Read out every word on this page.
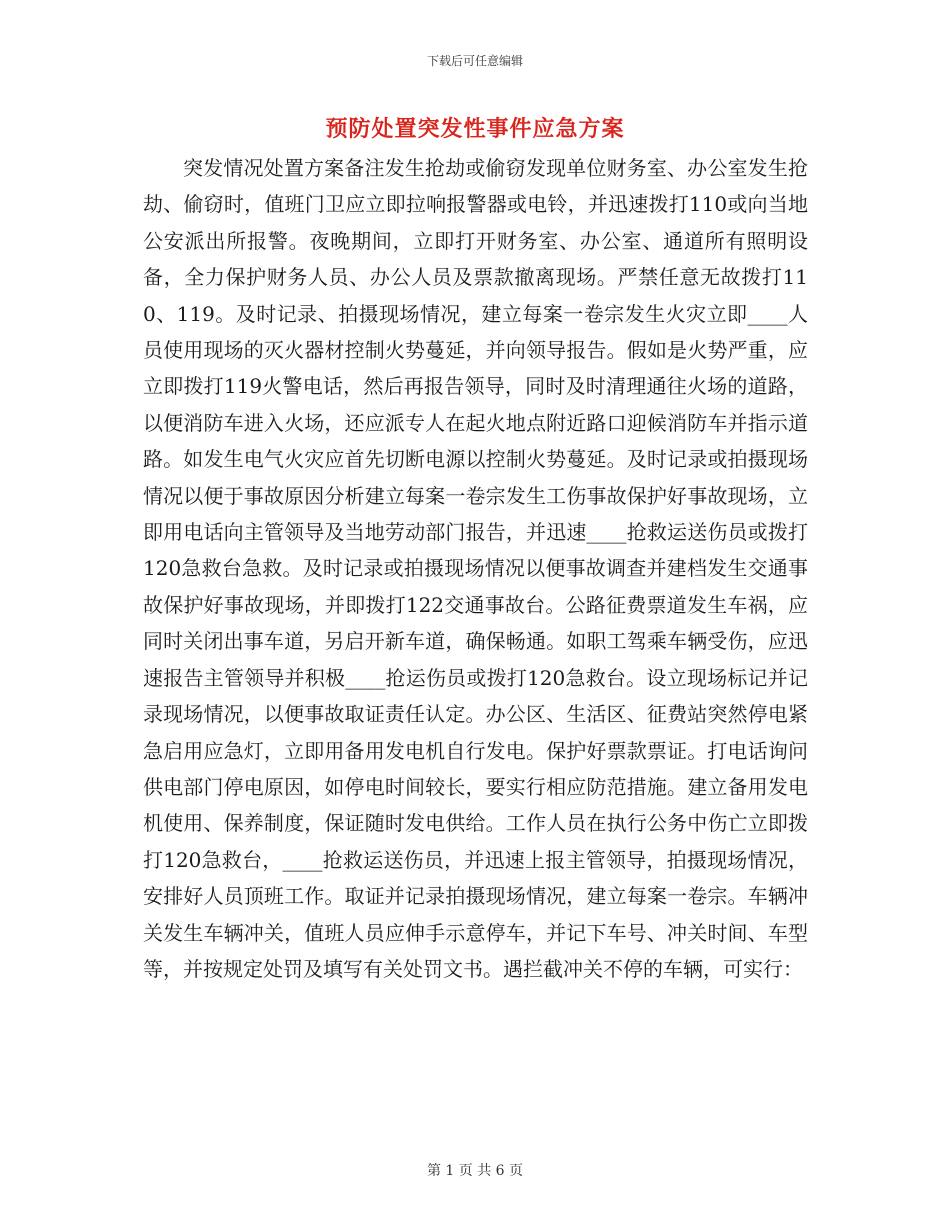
下载后可任意编辑
预防处置突发性事件应急方案

突发情况处置方案备注发生抢劫或偷窃发现单位财务室、办公室发生抢劫、偷窃时，值班门卫应立即拉响报警器或电铃，并迅速拨打110或向当地公安派出所报警。夜晚期间，立即打开财务室、办公室、通道所有照明设备，全力保护财务人员、办公人员及票款撤离现场。严禁任意无故拨打110、119。及时记录、拍摄现场情况，建立每案一卷宗发生火灾立即____人员使用现场的灭火器材控制火势蔓延，并向领导报告。假如是火势严重，应立即拨打119火警电话，然后再报告领导，同时及时清理通往火场的道路，以便消防车进入火场，还应派专人在起火地点附近路口迎候消防车并指示道路。如发生电气火灾应首先切断电源以控制火势蔓延。及时记录或拍摄现场情况以便于事故原因分析建立每案一卷宗发生工伤事故保护好事故现场，立即用电话向主管领导及当地劳动部门报告，并迅速____抢救运送伤员或拨打120急救台急救。及时记录或拍摄现场情况以便事故调查并建档发生交通事故保护好事故现场，并即拨打122交通事故台。公路征费票道发生车祸，应同时关闭出事车道，另启开新车道，确保畅通。如职工驾乘车辆受伤，应迅速报告主管领导并积极____抢运伤员或拨打120急救台。设立现场标记并记录现场情况，以便事故取证责任认定。办公区、生活区、征费站突然停电紧急启用应急灯，立即用备用发电机自行发电。保护好票款票证。打电话询问供电部门停电原因，如停电时间较长，要实行相应防范措施。建立备用发电机使用、保养制度，保证随时发电供给。工作人员在执行公务中伤亡立即拨打120急救台，____抢救运送伤员，并迅速上报主管领导，拍摄现场情况，安排好人员顶班工作。取证并记录拍摄现场情况，建立每案一卷宗。车辆冲关发生车辆冲关，值班人员应伸手示意停车，并记下车号、冲关时间、车型等，并按规定处罚及填写有关处罚文书。遇拦截冲关不停的车辆，可实行：

第 1 页 共 6 页
